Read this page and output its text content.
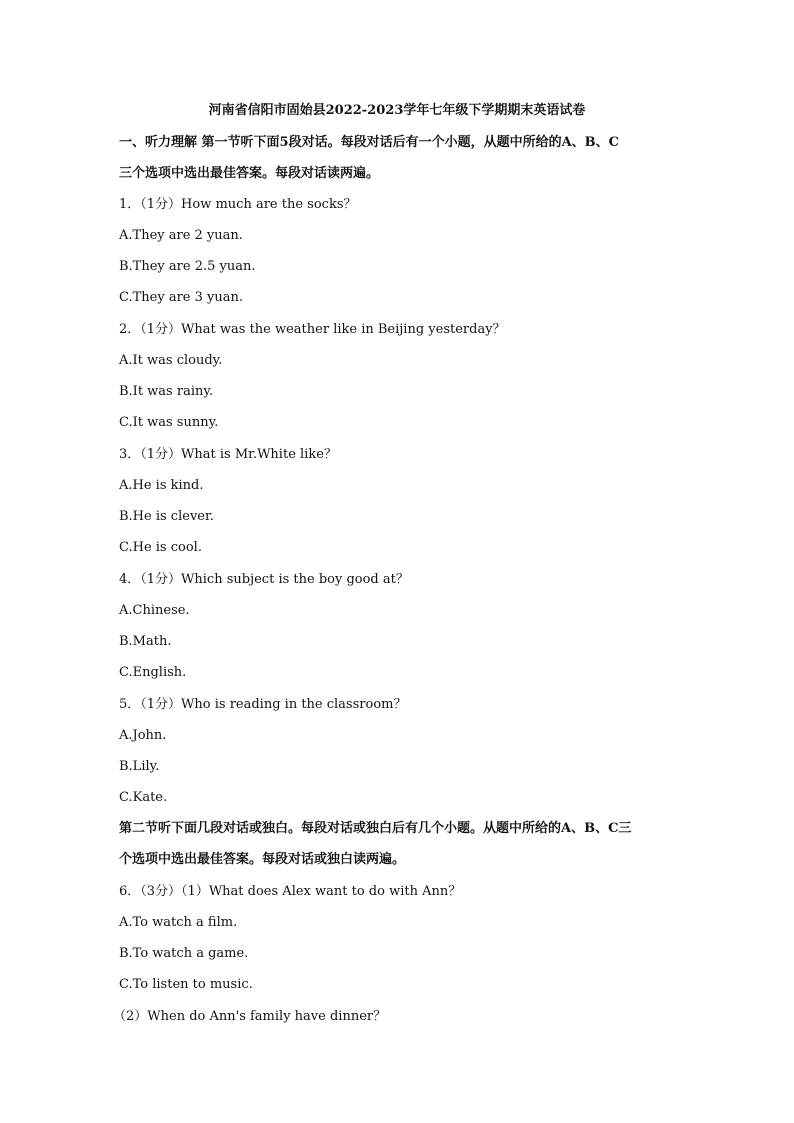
河南省信阳市固始县2022-2023学年七年级下学期期末英语试卷
一、听力理解 第一节听下面5段对话。每段对话后有一个小题，从题中所给的A、B、C
三个选项中选出最佳答案。每段对话读两遍。
1．（1分）How much are the socks？
A.They are 2 yuan.
B.They are 2.5 yuan.
C.They are 3 yuan.
2．（1分）What was the weather like in Beijing yesterday？
A.It was cloudy.
B.It was rainy.
C.It was sunny.
3．（1分）What is Mr.White like？
A.He is kind.
B.He is clever.
C.He is cool.
4．（1分）Which subject is the boy good at？
A.Chinese.
B.Math.
C.English.
5．（1分）Who is reading in the classroom？
A.John.
B.Lily.
C.Kate.
第二节听下面几段对话或独白。每段对话或独白后有几个小题。从题中所给的A、B、C三
个选项中选出最佳答案。每段对话或独白读两遍。
6．（3分）（1）What does Alex want to do with Ann？
A.To watch a film.
B.To watch a game.
C.To listen to music.
（2）When do Ann's family have dinner？
